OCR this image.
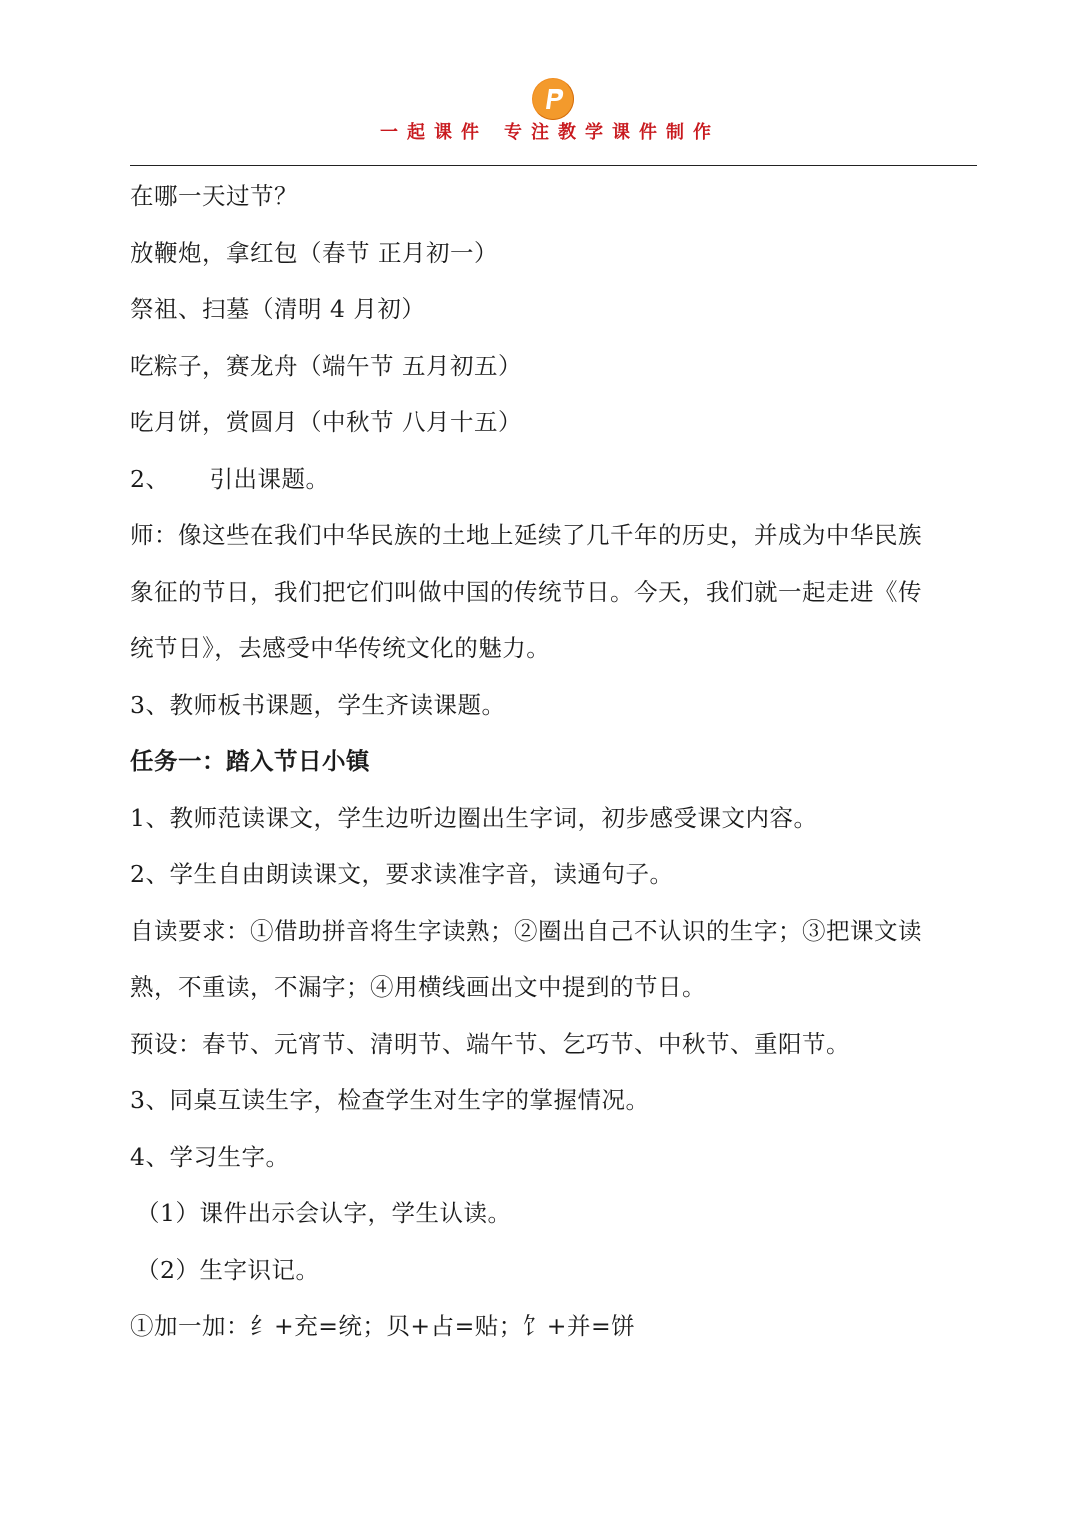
一起课件 专注教学课件制作
在哪一天过节？
放鞭炮，拿红包（春节 正月初一）
祭祖、扫墓（清明 4 月初）
吃粽子，赛龙舟（端午节 五月初五）
吃月饼，赏圆月（中秋节 八月十五）
2、 引出课题。
师：像这些在我们中华民族的土地上延续了几千年的历史，并成为中华民族
象征的节日，我们把它们叫做中国的传统节日。今天，我们就一起走进《传
统节日》，去感受中华传统文化的魅力。
3、教师板书课题，学生齐读课题。
任务一：踏入节日小镇
1、教师范读课文，学生边听边圈出生字词，初步感受课文内容。
2、学生自由朗读课文，要求读准字音，读通句子。
自读要求：①借助拼音将生字读熟；②圈出自己不认识的生字；③把课文读
熟，不重读，不漏字；④用横线画出文中提到的节日。
预设：春节、元宵节、清明节、端午节、乞巧节、中秋节、重阳节。
3、同桌互读生字，检查学生对生字的掌握情况。
4、学习生字。
（1）课件出示会认字，学生认读。
（2）生字识记。
①加一加：纟+充=统；贝+占=贴；饣+并=饼
